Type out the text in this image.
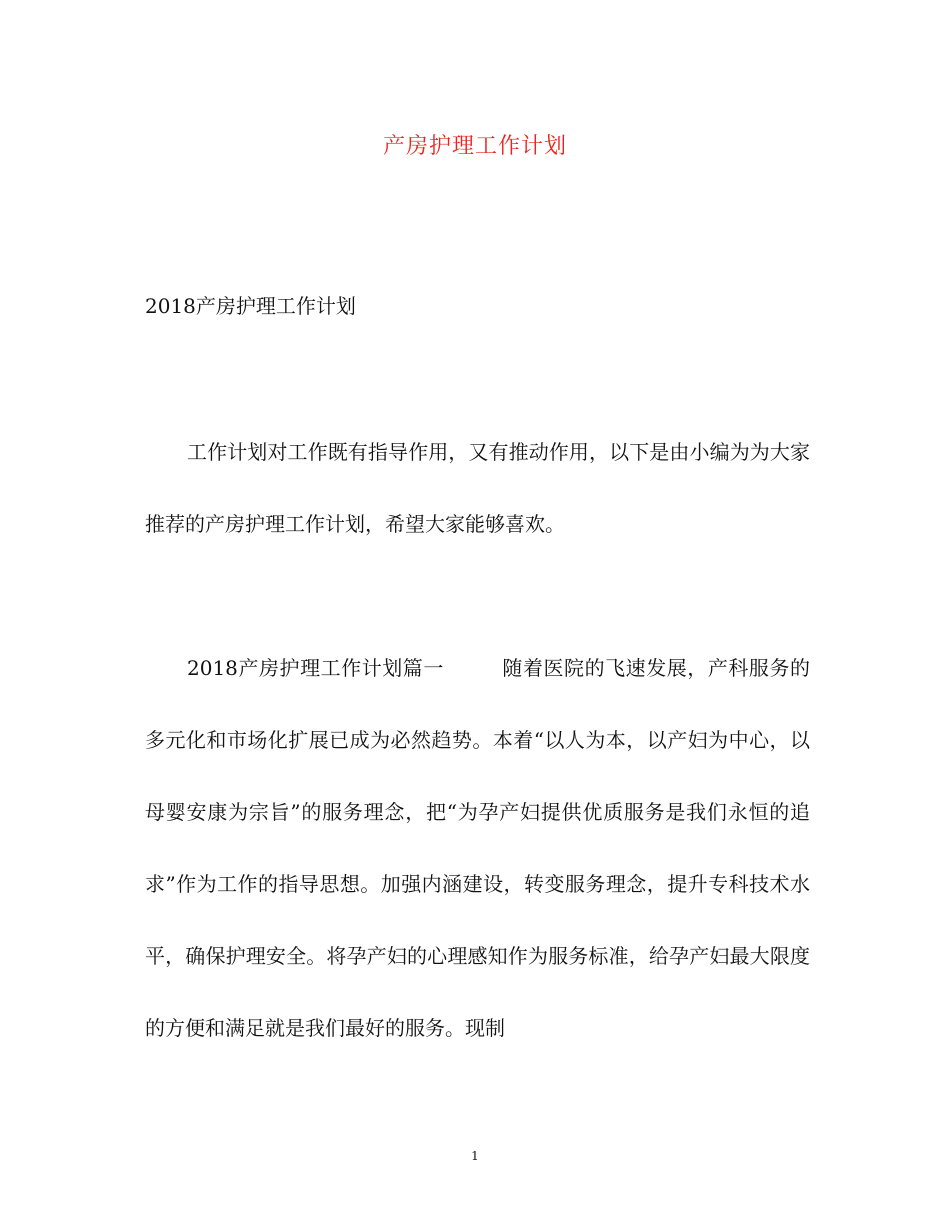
产房护理工作计划
2018产房护理工作计划

工作计划对工作既有指导作用，又有推动作用，以下是由小编为为大家推荐的产房护理工作计划，希望大家能够喜欢。

2018产房护理工作计划篇一	随着医院的飞速发展，产科服务的多元化和市场化扩展已成为必然趋势。本着“以人为本，以产妇为中心，以母婴安康为宗旨”的服务理念，把“为孕产妇提供优质服务是我们永恒的追求”作为工作的指导思想。加强内涵建设，转变服务理念，提升专科技术水平，确保护理安全。将孕产妇的心理感知作为服务标准，给孕产妇最大限度的方便和满足就是我们最好的服务。现制

1
